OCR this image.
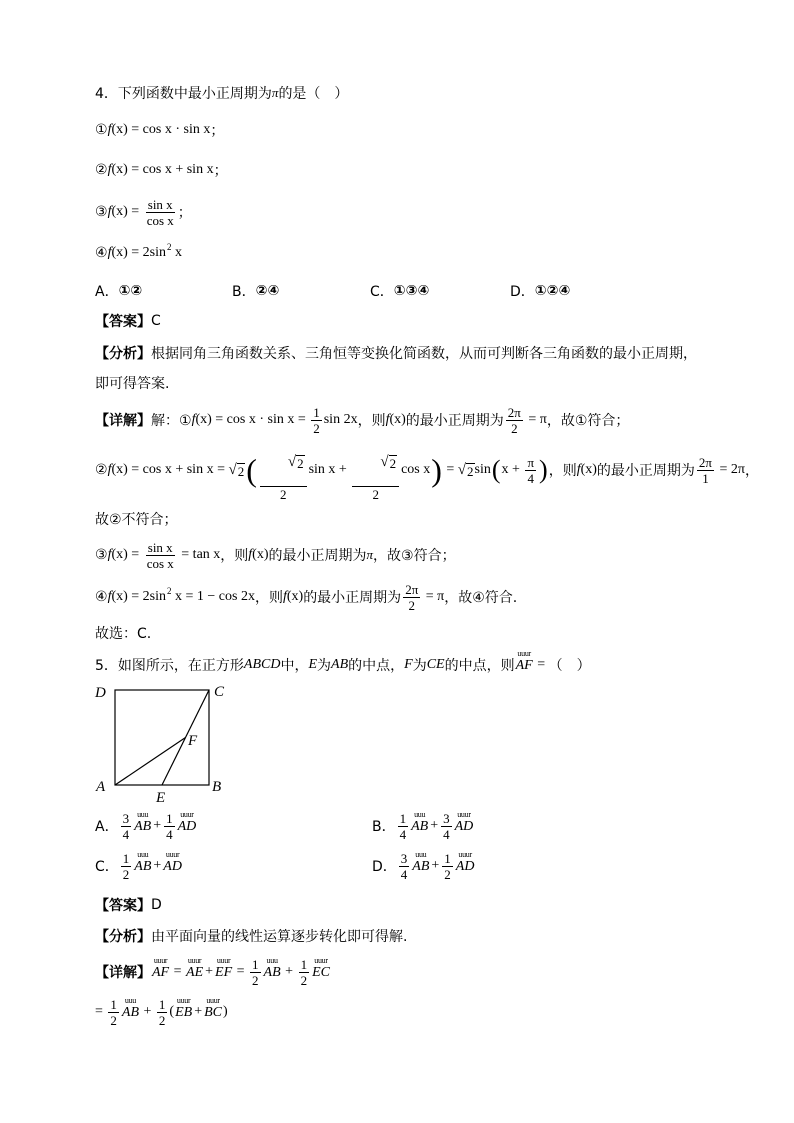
4．下列函数中最小正周期为 π 的是（　）
① f (x) = cos x · sin x ；
② f (x) = cos x + sin x ；
③ f $(x) = \frac{\text{sin x}}{\text{cos x}}$ ；
④ f (x) = 2sin 2 x
A． ①②	B． ②④	C． ①③④	D． ①②④
【答案】 C
【分析】 根据同角三角函数关系、三角恒等变换化简函数，从而可判断各三角函数的最小正周期，
即可得答案.
【详解】 解：① f $(x) = \cos x \cdot \sin x = \frac{1}{2}$ sin 2x ，则 f (x) 的最小正周期为 $\frac{2\pi}{2} = \pi$ ，故①符合；
② f (x) = cos x + sin x = √ 2 (

$\frac{√ 2}{2}$ sin x +

$\frac{√ 2}{2}$ cos x ) = √ 2 sin ( $x + \frac{\pi}{4}$ ) ，则 f (x) 的最小正周期为 $\frac{2\pi}{1} = 2\pi$ ，
故②不符合；
③ f $(x) = \frac{\text{sin x}}{\text{cos x}} = \tan x$ ，则 f (x) 的最小正周期为 π ，故③符合；
④ f (x) = 2sin 2 x = 1 − cos 2x ，则 f (x) 的最小正周期为 $\frac{2\pi}{2} = \pi$ ，故④符合.
故选：C.
5．如图所示，在正方形 ABCD 中， E 为 AB 的中点， F 为 CE 的中点，则
uuur
AF = （　）
D	C
F
A	B
E
A． $\frac{3}{4}$ uuu
AB + $\frac{1}{4}$ uuur
AD	B． $\frac{1}{4}$ uuu
AB + $\frac{3}{4}$ uuur
AD
C． $\frac{1}{2}$ uuu
AB +
uuur
AD	D． $\frac{3}{4}$ uuu
AB + $\frac{1}{2}$ uuur
AD
【答案】 D
【分析】 由平面向量的线性运算逐步转化即可得解.
【详解】
uuur
AF =
uuur
AE +
uuur
EF = $\frac{1}{2}$ uuu
AB + $\frac{1}{2}$ uuur
EC
= $\frac{1}{2}$ uuu
AB + $\frac{1}{2}$ (
uuur
EB +
uuur
BC )
